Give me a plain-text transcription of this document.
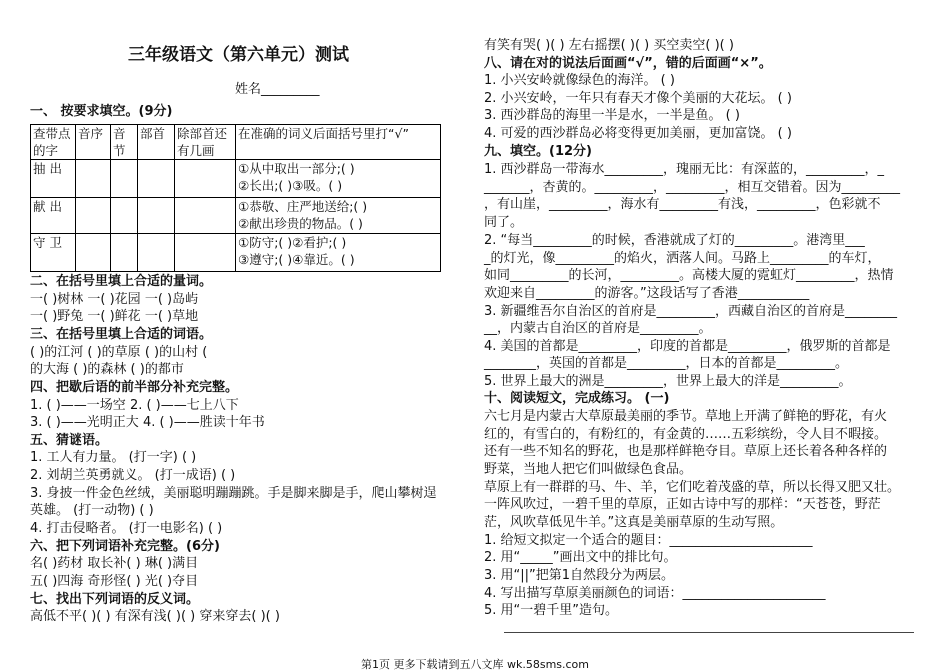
三年级语文（第六单元）测试
姓名_________
一、 按要求填空。(9分)
查带点的字	音序	音节	部首	除部首还有几画	在准确的词义后面括号里打“√”
抽 出					①从中取出一部分;( )
②长出;( )③吸。( )

献 出					①恭敬、庄严地送给;( )
②献出珍贵的物品。( )

守 卫					①防守;( )②看护;( )
③遵守;( )④靠近。( )
二、在括号里填上合适的量词。
一( )树林 一( )花园 一( )岛屿
一( )野兔 一( )鲜花 一( )草地
三、在括号里填上合适的词语。
( )的江河 ( )的草原 ( )的山村 (
的大海 ( )的森林 ( )的都市
四、把歇后语的前半部分补充完整。
1. ( )——一场空 2. ( )——七上八下
3. ( )——光明正大 4. ( )——胜读十年书
五、猜谜语。
1. 工人有力量。 (打一字) ( )
2. 刘胡兰英勇就义。 (打一成语) ( )
3. 身披一件金色丝绒，美丽聪明蹦蹦跳。手是脚来脚是手，爬山攀树逞
英雄。 (打一动物) ( )
4. 打击侵略者。 (打一电影名) ( )
六、把下列词语补充完整。(6分)
名( )药材 取长补( ) 琳( )满目
五( )四海 奇形怪( ) 光( )夺目
七、找出下列词语的反义词。
高低不平( )( ) 有深有浅( )( ) 穿来穿去( )( )
有笑有哭( )( ) 左右摇摆( )( ) 买空卖空( )( )
八、请在对的说法后面画“√”，错的后面画“×”。
1. 小兴安岭就像绿色的海洋。 ( )
2. 小兴安岭，一年只有春天才像个美丽的大花坛。 ( )
3. 西沙群岛的海里一半是水，一半是鱼。 ( )
4. 可爱的西沙群岛必将变得更加美丽，更加富饶。 ( )
九、填空。(12分)
1. 西沙群岛一带海水_________，瑰丽无比：有深蓝的，_________，_
_______，杏黄的。_________，_________，相互交错着。因为_________
，有山崖，_________，海水有_________有浅，_________，色彩就不
同了。
2. “每当_________的时候，香港就成了灯的_________。港湾里___
_的灯光，像_________的焰火，洒落人间。马路上_________的车灯，
如同_________的长河，_________。高楼大厦的霓虹灯_________，热情
欢迎来自_________的游客。”这段话写了香港___________
3. 新疆维吾尔自治区的首府是_________，西藏自治区的首府是________
__，内蒙古自治区的首府是_________。
4. 美国的首都是_________，印度的首都是_________，俄罗斯的首都是
________，英国的首都是_________，日本的首都是_________。
5. 世界上最大的洲是_________，世界上最大的洋是_________。
十、阅读短文，完成练习。 (一)
六七月是内蒙古大草原最美丽的季节。草地上开满了鲜艳的野花，有火
红的，有雪白的，有粉红的，有金黄的……五彩缤纷，令人目不暇接。
还有一些不知名的野花，也是那样鲜艳夺目。草原上还长着各种各样的
野菜，当地人把它们叫做绿色食品。
草原上有一群群的马、牛、羊，它们吃着茂盛的草，所以长得又肥又壮。
一阵风吹过，一碧千里的草原，正如古诗中写的那样：“天苍苍，野茫
茫，风吹草低见牛羊。”这真是美丽草原的生动写照。
1. 给短文拟定一个适合的题目：______________________
2. 用“_____”画出文中的排比句。
3. 用“||”把第1自然段分为两层。
4. 写出描写草原美丽颜色的词语：______________________
5. 用“一碧千里”造句。
第1页 更多下载请到五八文库 wk.58sms.com
